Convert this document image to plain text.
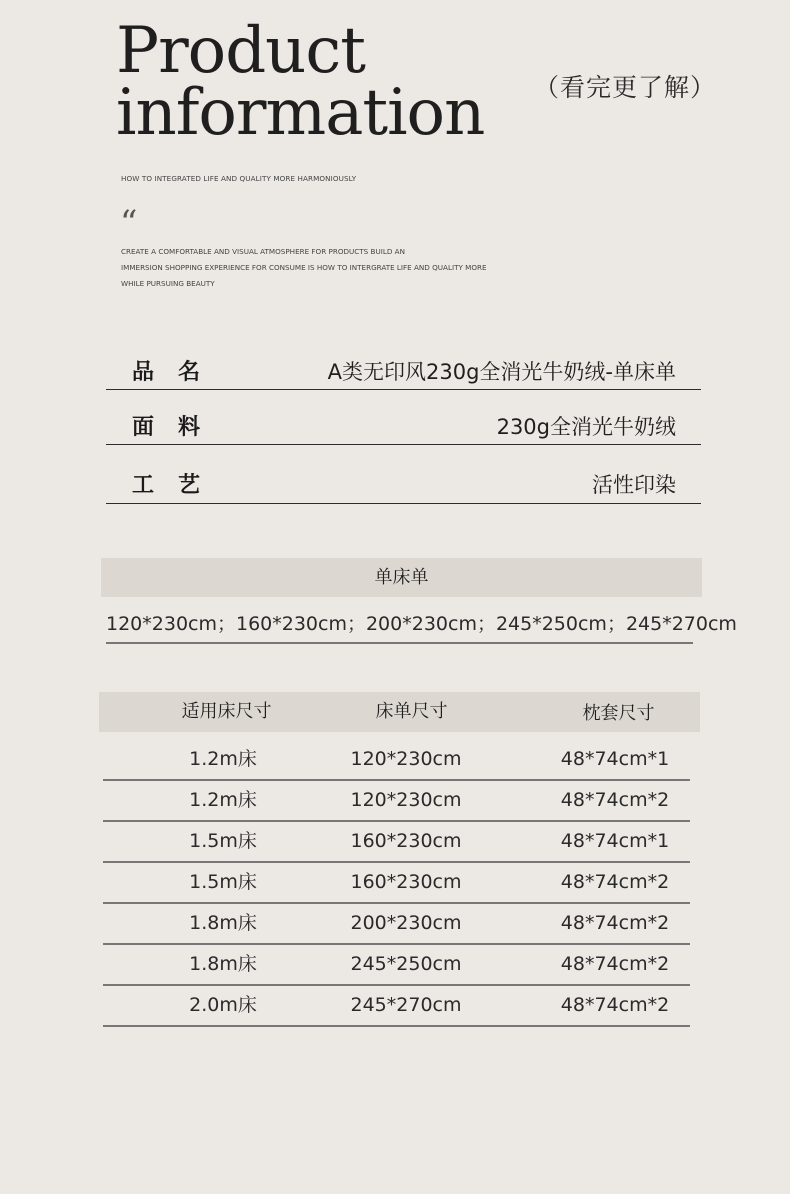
Product
information （看完更了解）
HOW TO INTEGRATED LIFE AND QUALITY MORE HARMONIOUSLY
“
CREATE A COMFORTABLE AND VISUAL ATMOSPHERE FOR PRODUCTS BUILD AN
IMMERSION SHOPPING EXPERIENCE FOR CONSUME IS HOW TO INTERGRATE LIFE AND QUALITY MORE
WHILE PURSUING BEAUTY
品名	A类无印风230g全消光牛奶绒-单床单
面料	230g全消光牛奶绒
工艺	活性印染
单床单
120*230cm；160*230cm；200*230cm；245*250cm；245*270cm
适用床尺寸	床单尺寸	枕套尺寸
1.2m床	120*230cm	48*74cm*1
1.2m床	120*230cm	48*74cm*2
1.5m床	160*230cm	48*74cm*1
1.5m床	160*230cm	48*74cm*2
1.8m床	200*230cm	48*74cm*2
1.8m床	245*250cm	48*74cm*2
2.0m床	245*270cm	48*74cm*2
